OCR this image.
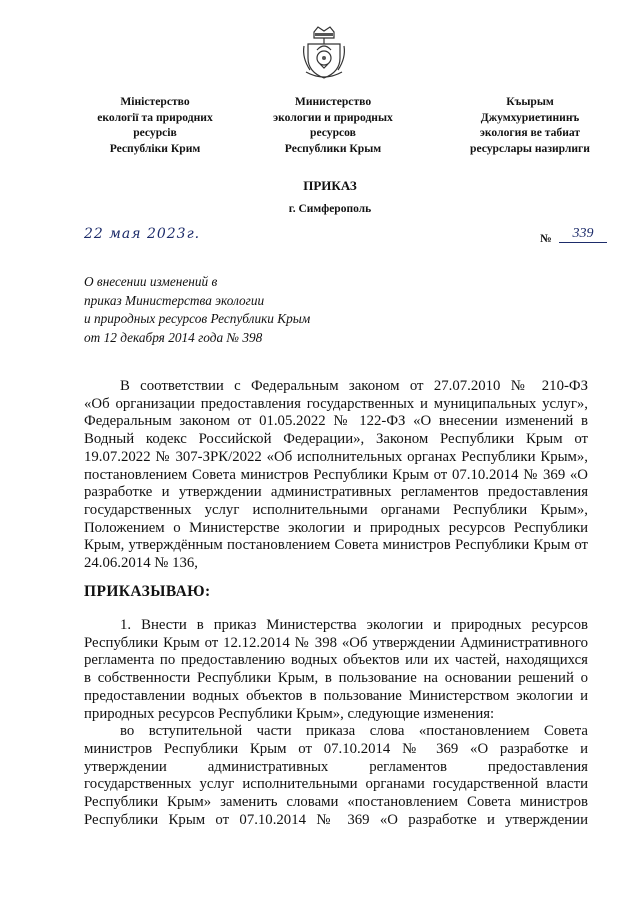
Міністерство
екології та природних
ресурсів
Республіки Крим
Министерство
экологии и природных
ресурсов
Республики Крым
Къырым
Джумхуриетининъ
экология ве табиат
ресурслары назирлиги
ПРИКАЗ
г. Симферополь
22 мая 2023г.	№	339
О внесении изменений в
приказ Министерства экологии
и природных ресурсов Республики Крым
от 12 декабря 2014 года № 398
В соответствии с Федеральным законом от 27.07.2010 № 210-ФЗ
«Об организации предоставления государственных и муниципальных услуг»,
Федеральным законом от 01.05.2022 № 122-ФЗ «О внесении изменений в
Водный кодекс Российской Федерации», Законом Республики Крым от
19.07.2022 № 307-ЗРК/2022 «Об исполнительных органах Республики Крым»,
постановлением Совета министров Республики Крым от 07.10.2014 № 369 «О
разработке и утверждении административных регламентов предоставления
государственных услуг исполнительными органами Республики Крым»,
Положением о Министерстве экологии и природных ресурсов Республики
Крым, утверждённым постановлением Совета министров Республики Крым от
24.06.2014 № 136,
ПРИКАЗЫВАЮ:
1. Внести в приказ Министерства экологии и природных ресурсов
Республики Крым от 12.12.2014 № 398 «Об утверждении Административного
регламента по предоставлению водных объектов или их частей, находящихся
в собственности Республики Крым, в пользование на основании решений о
предоставлении водных объектов в пользование Министерством экологии и
природных ресурсов Республики Крым», следующие изменения:
во вступительной части приказа слова «постановлением Совета
министров Республики Крым от 07.10.2014 № 369 «О разработке и
утверждении административных регламентов предоставления
государственных услуг исполнительными органами государственной власти
Республики Крым» заменить словами «постановлением Совета министров
Республики Крым от 07.10.2014 № 369 «О разработке и утверждении
